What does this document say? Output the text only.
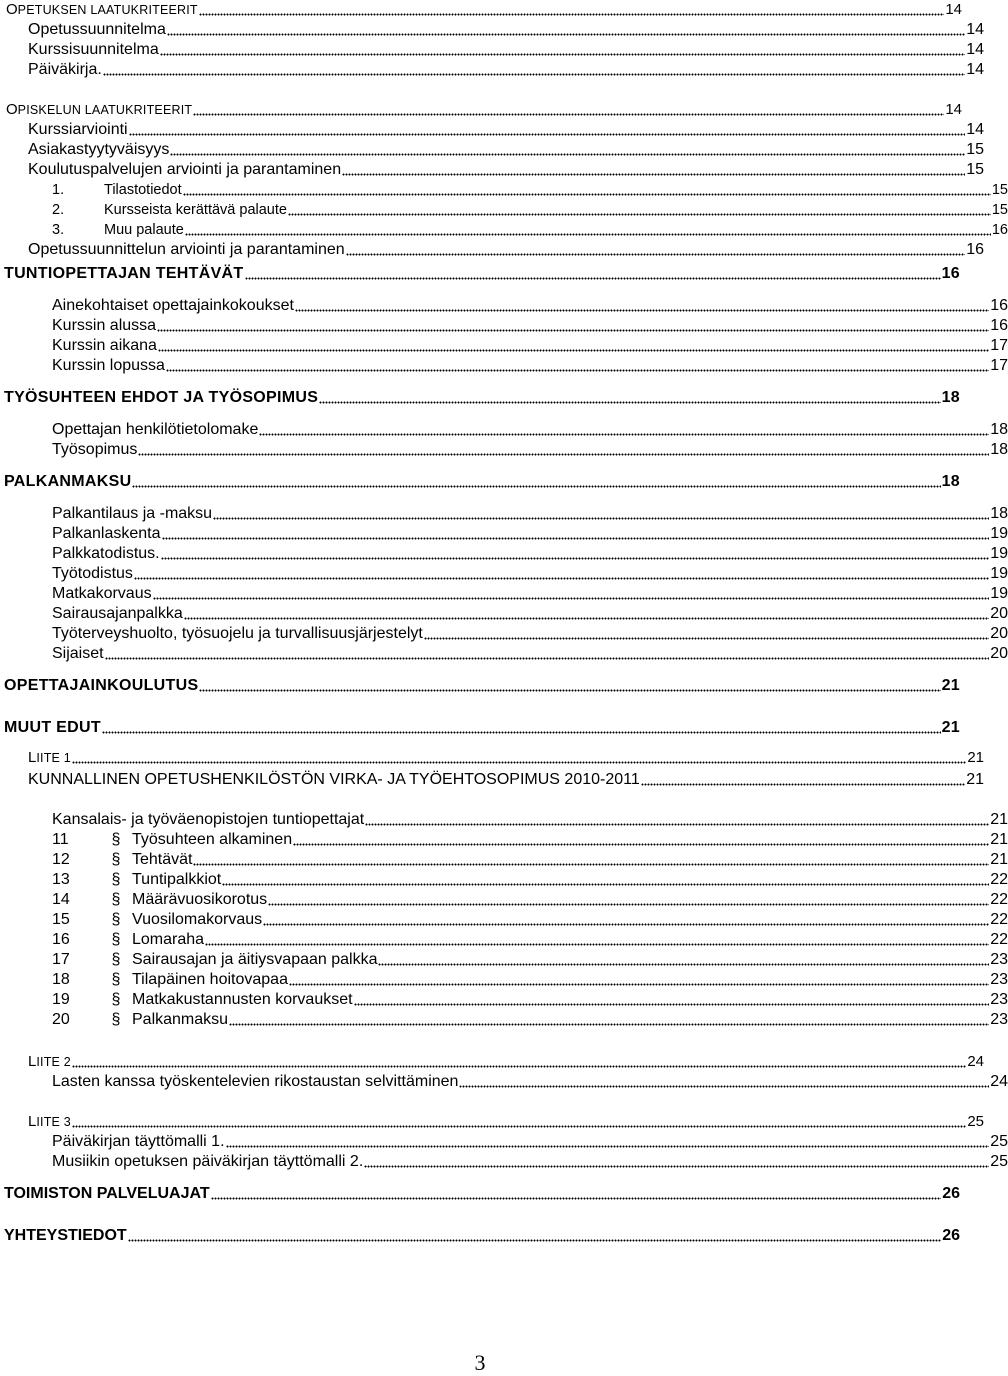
OPETUKSEN LAATUKRITEERIT	14
Opetussuunnitelma	14
Kurssisuunnitelma	14
Päiväkirja.	14
OPISKELUN LAATUKRITEERIT	14
Kurssiarviointi	14
Asiakastyytyväisyys	15
Koulutuspalvelujen arviointi ja parantaminen	15
1.	Tilastotiedot	15
2.	Kursseista kerättävä palaute	15
3.	Muu palaute	16
Opetussuunnittelun arviointi ja parantaminen	16
TUNTIOPETTAJAN TEHTÄVÄT	16
Ainekohtaiset opettajainkokoukset	16
Kurssin alussa	16
Kurssin aikana	17
Kurssin lopussa	17
TYÖSUHTEEN EHDOT JA TYÖSOPIMUS	18
Opettajan henkilötietolomake	18
Työsopimus	18
PALKANMAKSU	18
Palkantilaus ja -maksu	18
Palkanlaskenta	19
Palkkatodistus.	19
Työtodistus	19
Matkakorvaus	19
Sairausajanpalkka	20
Työterveyshuolto, työsuojelu ja turvallisuusjärjestelyt	20
Sijaiset	20
OPETTAJAINKOULUTUS	21
MUUT EDUT	21
LIITE 1	21
KUNNALLINEN OPETUSHENKILÖSTÖN VIRKA- JA TYÖEHTOSOPIMUS 2010-2011	21
Kansalais- ja työväenopistojen tuntiopettajat	21
11	§ Työsuhteen alkaminen	21
12	§ Tehtävät	21
13	§ Tuntipalkkiot	22
14	§ Määrävuosikorotus	22
15	§ Vuosilomakorvaus	22
16	§ Lomaraha	22
17	§ Sairausajan ja äitiysvapaan palkka	23
18	§ Tilapäinen hoitovapaa	23
19	§ Matkakustannusten korvaukset	23
20	§ Palkanmaksu	23
LIITE 2	24
Lasten kanssa työskentelevien rikostaustan selvittäminen	24
LIITE 3	25
Päiväkirjan täyttömalli 1.	25
Musiikin opetuksen päiväkirjan täyttömalli 2.	25
TOIMISTON PALVELUAJAT	26
YHTEYSTIEDOT	26
3
